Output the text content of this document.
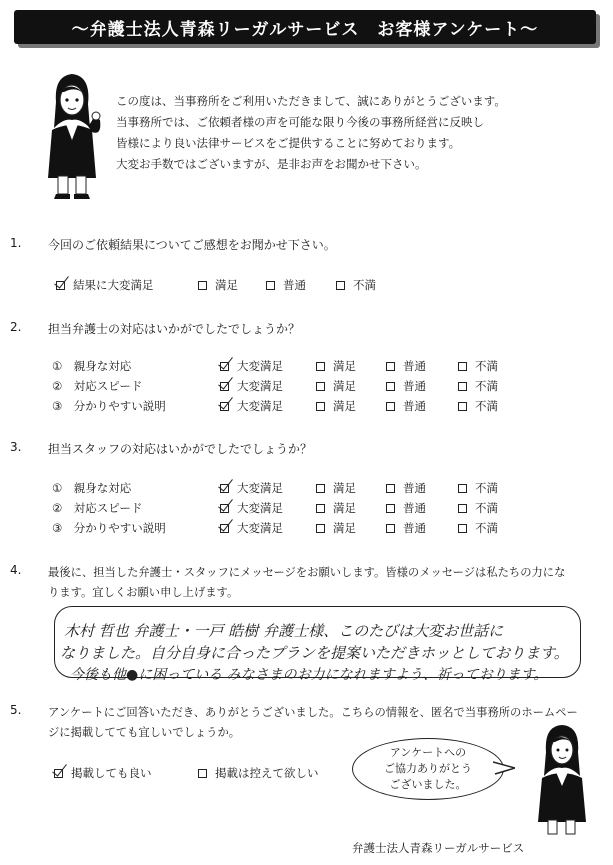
～弁護士法人青森リーガルサービス　お客様アンケート～
この度は、当事務所をご利用いただきまして、誠にありがとうございます。
当事務所では、ご依頼者様の声を可能な限り今後の事務所経営に反映し
皆様により良い法律サービスをご提供することに努めております。
大変お手数ではございますが、是非お声をお聞かせ下さい。
1. 今回のご依頼結果についてご感想をお聞かせ下さい。
結果に大変満足	満足	普通	不満
2. 担当弁護士の対応はいかがでしたでしょうか？
①　親身な対応	大変満足	満足	普通	不満
②　対応スピード	大変満足	満足	普通	不満
③　分かりやすい説明	大変満足	満足	普通	不満
3. 担当スタッフの対応はいかがでしたでしょうか？
①　親身な対応	大変満足	満足	普通	不満
②　対応スピード	大変満足	満足	普通	不満
③　分かりやすい説明	大変満足	満足	普通	不満
4. 最後に、担当した弁護士・スタッフにメッセージをお願いします。皆様のメッセージは私たちの力にな
ります。宜しくお願い申し上げます。
木村 哲也 弁護士・一戸 皓樹 弁護士様、このたびは大変お世話に
なりました。自分自身に合ったプランを提案いただきホッとしております。
今後も他●に困っている みなさまのお力になれますよう、祈っております。
5. アンケートにご回答いただき、ありがとうございました。こちらの情報を、匿名で当事務所のホームペー
ジに掲載してても宜しいでしょうか。
掲載しても良い	掲載は控えて欲しい
アンケートへの
ご協力ありがとう
ございました。
弁護士法人青森リーガルサービス
